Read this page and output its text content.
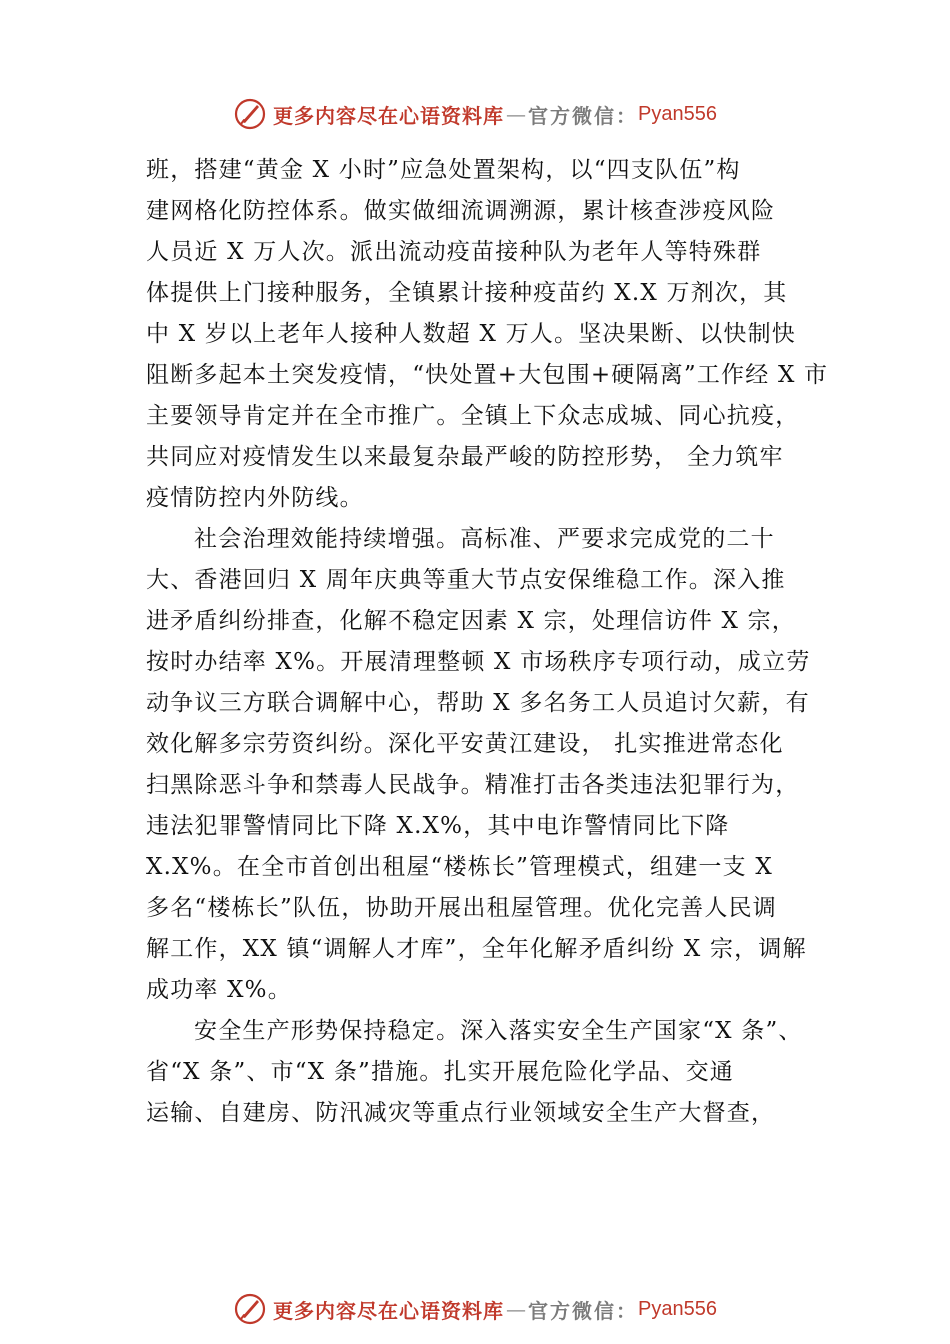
更多内容尽在心语资料库 — 官方微信： Pyan556
班，搭建“黄金 X 小时”应急处置架构，以“四支队伍”构
建网格化防控体系。做实做细流调溯源，累计核查涉疫风险
人员近 X 万人次。派出流动疫苗接种队为老年人等特殊群
体提供上门接种服务，全镇累计接种疫苗约 X.X 万剂次，其
中 X 岁以上老年人接种人数超 X 万人。坚决果断、以快制快
阻断多起本土突发疫情，“快处置+大包围+硬隔离”工作经 X 市
主要领导肯定并在全市推广。全镇上下众志成城、同心抗疫，
共同应对疫情发生以来最复杂最严峻的防控形势， 全力筑牢
疫情防控内外防线。
社会治理效能持续增强。高标准、严要求完成党的二十
大、香港回归 X 周年庆典等重大节点安保维稳工作。深入推
进矛盾纠纷排查，化解不稳定因素 X 宗，处理信访件 X 宗，
按时办结率 X%。开展清理整顿 X 市场秩序专项行动，成立劳
动争议三方联合调解中心，帮助 X 多名务工人员追讨欠薪，有
效化解多宗劳资纠纷。深化平安黄江建设， 扎实推进常态化
扫黑除恶斗争和禁毒人民战争。精准打击各类违法犯罪行为，
违法犯罪警情同比下降 X.X%，其中电诈警情同比下降
X.X%。在全市首创出租屋“楼栋长”管理模式，组建一支 X
多名“楼栋长”队伍，协助开展出租屋管理。优化完善人民调
解工作，XX 镇“调解人才库”，全年化解矛盾纠纷 X 宗，调解
成功率 X%。
安全生产形势保持稳定。深入落实安全生产国家“X 条”、
省“X 条”、市“X 条”措施。扎实开展危险化学品、交通
运输、自建房、防汛减灾等重点行业领域安全生产大督查，
更多内容尽在心语资料库 — 官方微信： Pyan556
